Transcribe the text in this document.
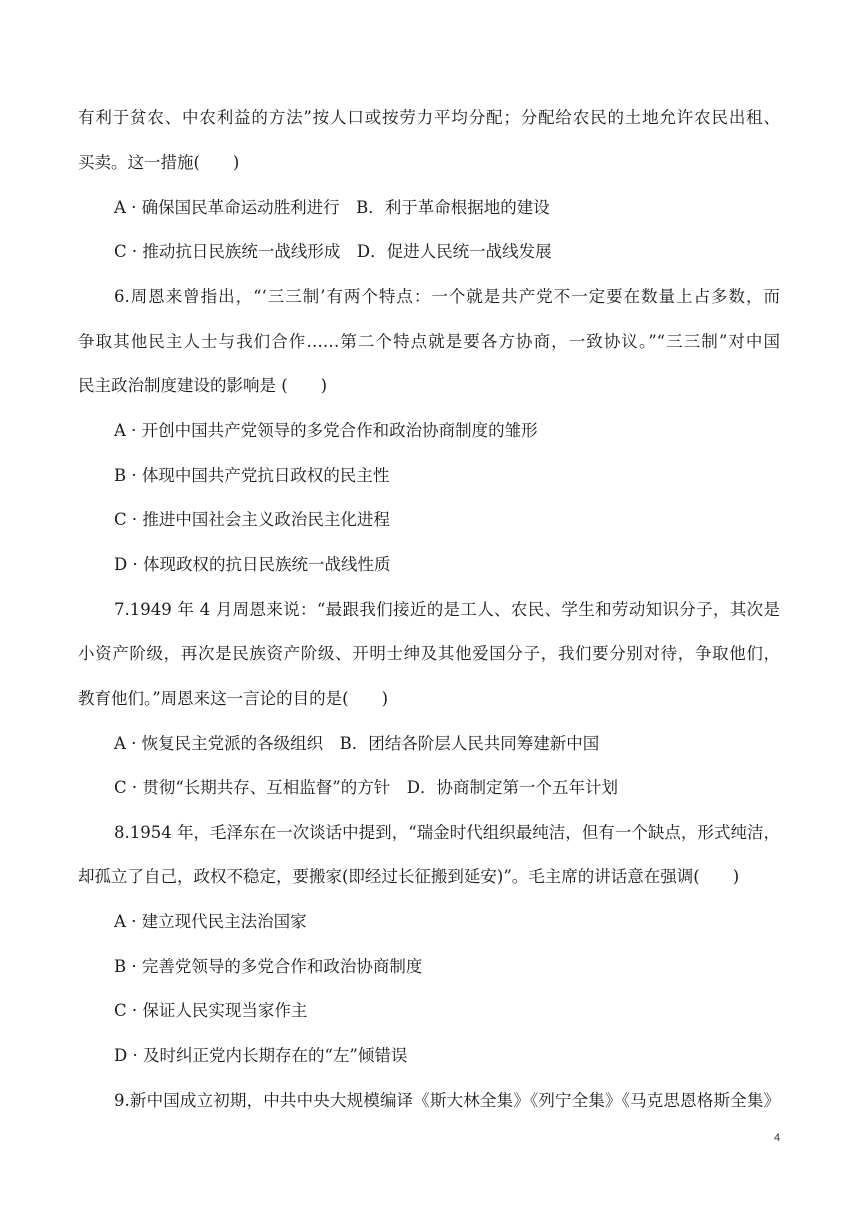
有利于贫农、中农利益的方法”按人口或按劳力平均分配；分配给农民的土地允许农民出租、
买卖。这一措施(　　)
A · 确保国民革命运动胜利进行　B．利于革命根据地的建设
C · 推动抗日民族统一战线形成　D．促进人民统一战线发展
6.周恩来曾指出，“‘三三制’有两个特点：一个就是共产党不一定要在数量上占多数，而
争取其他民主人士与我们合作……第二个特点就是要各方协商，一致协议。”“三三制”对中国
民主政治制度建设的影响是 (　　)
A · 开创中国共产党领导的多党合作和政治协商制度的雏形
B · 体现中国共产党抗日政权的民主性
C · 推进中国社会主义政治民主化进程
D · 体现政权的抗日民族统一战线性质
7.1949 年 4 月周恩来说：“最跟我们接近的是工人、农民、学生和劳动知识分子，其次是
小资产阶级，再次是民族资产阶级、开明士绅及其他爱国分子，我们要分别对待，争取他们，
教育他们。”周恩来这一言论的目的是(　　)
A · 恢复民主党派的各级组织　B．团结各阶层人民共同筹建新中国
C · 贯彻“长期共存、互相监督”的方针　D．协商制定第一个五年计划
8.1954 年，毛泽东在一次谈话中提到，“瑞金时代组织最纯洁，但有一个缺点，形式纯洁，
却孤立了自己，政权不稳定，要搬家(即经过长征搬到延安)”。毛主席的讲话意在强调(　　)
A · 建立现代民主法治国家
B · 完善党领导的多党合作和政治协商制度
C · 保证人民实现当家作主
D · 及时纠正党内长期存在的“左”倾错误
9.新中国成立初期，中共中央大规模编译《斯大林全集》《列宁全集》《马克思恩格斯全集》
4
